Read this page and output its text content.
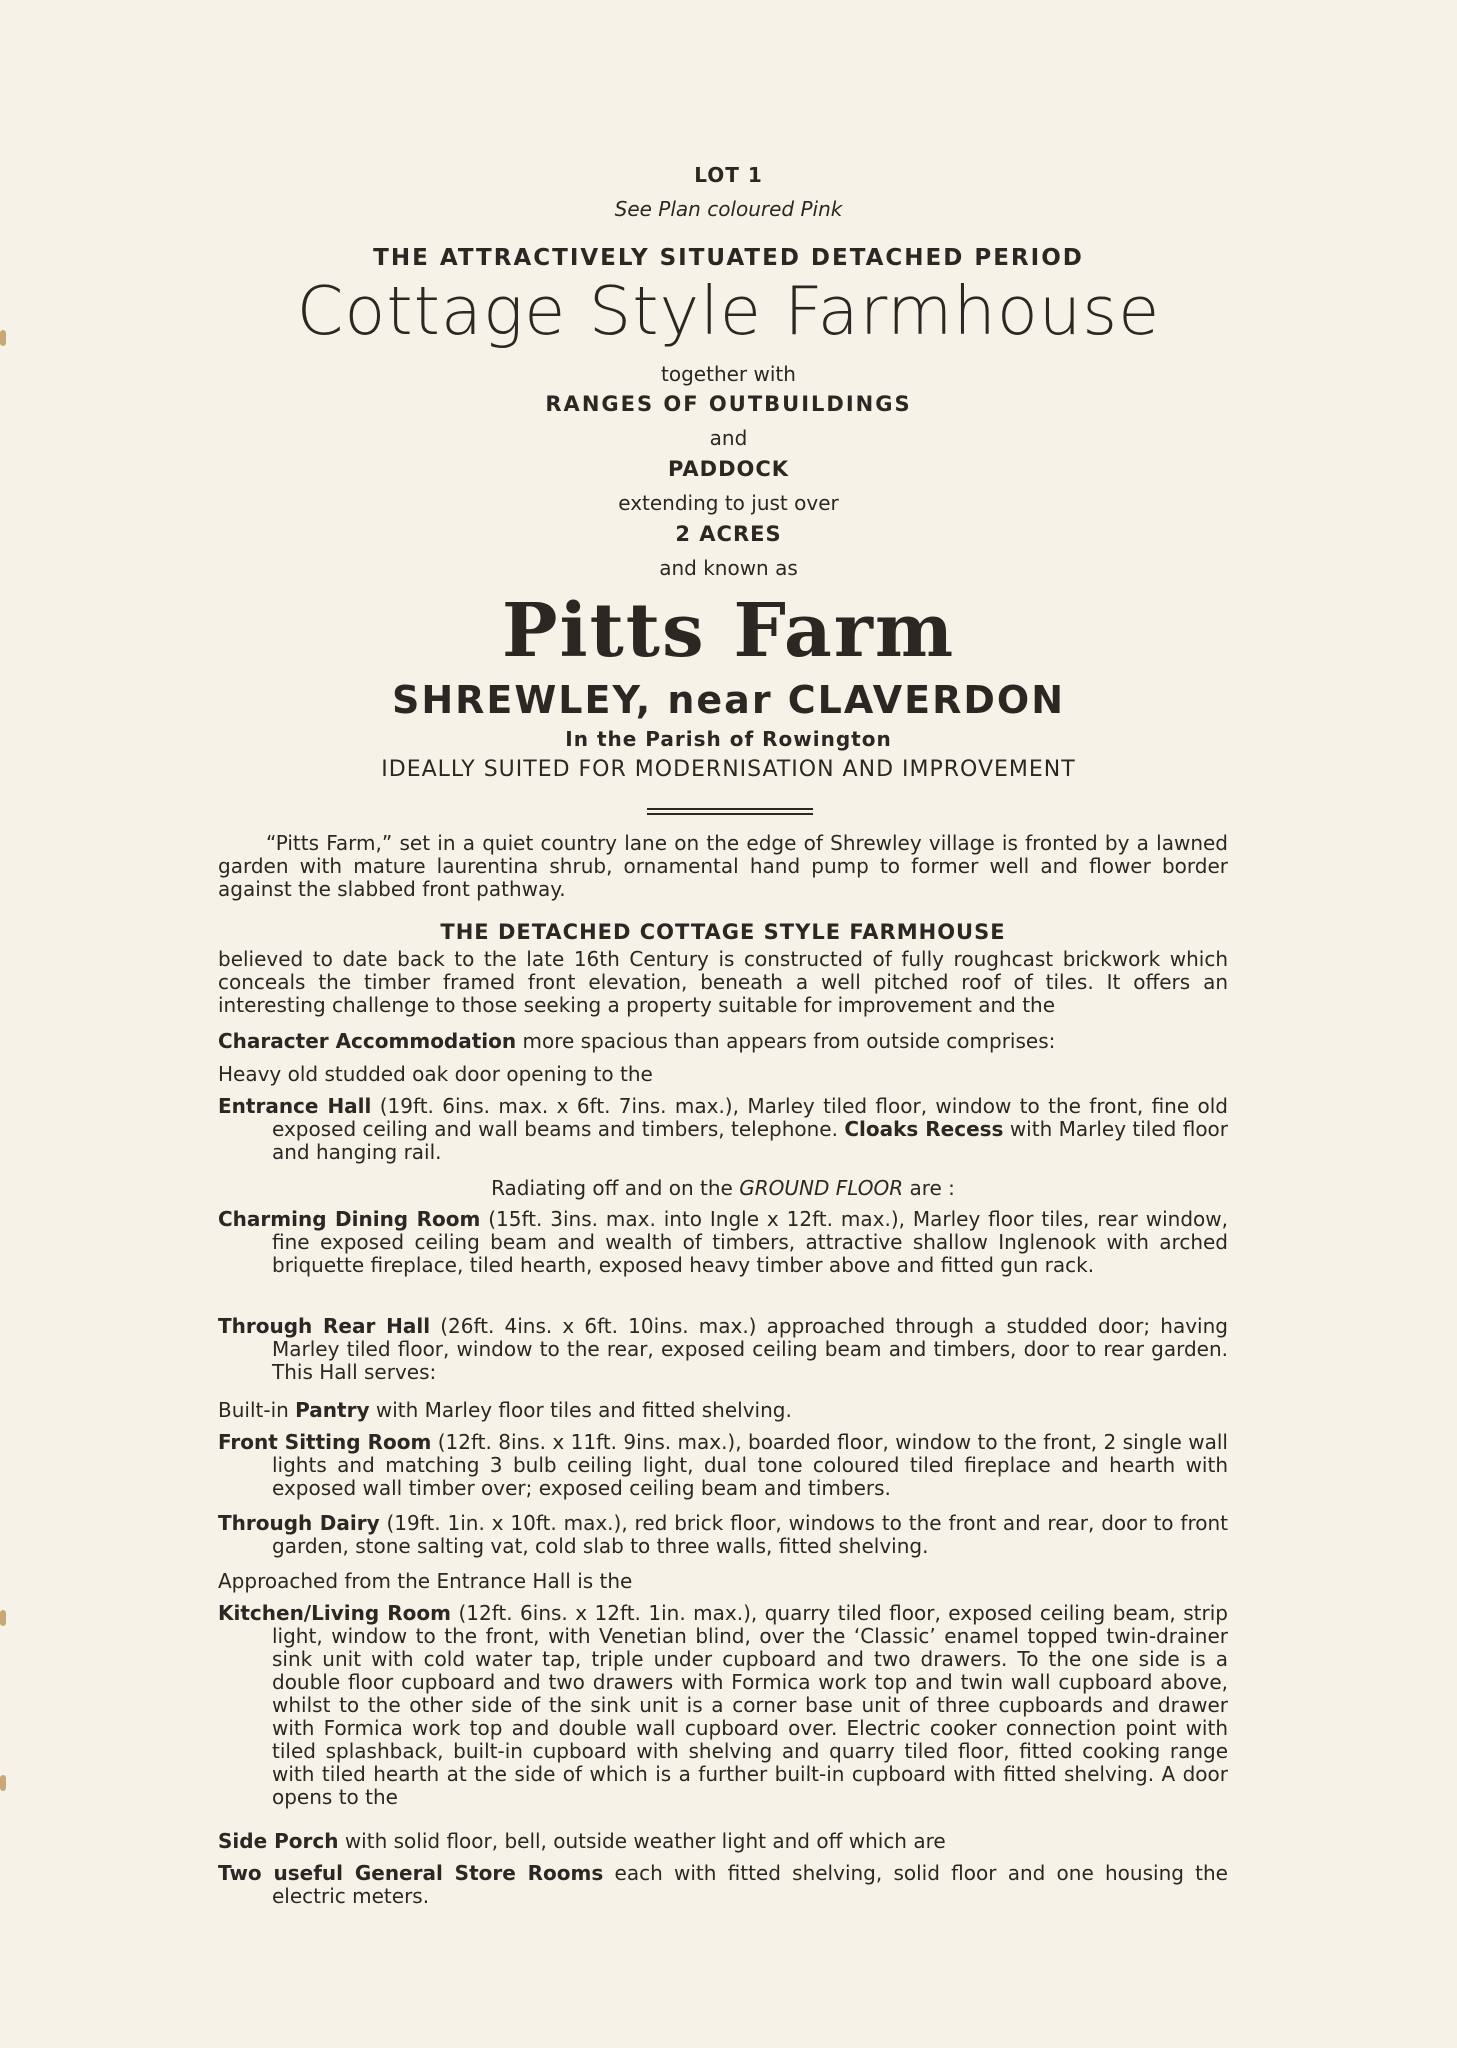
LOT 1
See Plan coloured Pink
THE ATTRACTIVELY SITUATED DETACHED PERIOD
Cottage Style Farmhouse
together with
RANGES OF OUTBUILDINGS
and
PADDOCK
extending to just over
2 ACRES
and known as
Pitts Farm
SHREWLEY, near CLAVERDON
In the Parish of Rowington
IDEALLY SUITED FOR MODERNISATION AND IMPROVEMENT

“Pitts Farm,” set in a quiet country lane on the edge of Shrewley village is fronted by a lawned garden with mature laurentina shrub, ornamental hand pump to former well and flower border against the slabbed front pathway.

THE DETACHED COTTAGE STYLE FARMHOUSE

believed to date back to the late 16th Century is constructed of fully roughcast brickwork which conceals the timber framed front elevation, beneath a well pitched roof of tiles. It offers an interesting challenge to those seeking a property suitable for improvement and the

Character Accommodation more spacious than appears from outside comprises:
Heavy old studded oak door opening to the
Entrance Hall (19ft. 6ins. max. x 6ft. 7ins. max.), Marley tiled floor, window to the front, fine old exposed ceiling and wall beams and timbers, telephone. Cloaks Recess with Marley tiled floor and hanging rail.
Radiating off and on the GROUND FLOOR are :
Charming Dining Room (15ft. 3ins. max. into Ingle x 12ft. max.), Marley floor tiles, rear window, fine exposed ceiling beam and wealth of timbers, attractive shallow Inglenook with arched briquette fireplace, tiled hearth, exposed heavy timber above and fitted gun rack.
Through Rear Hall (26ft. 4ins. x 6ft. 10ins. max.) approached through a studded door; having Marley tiled floor, window to the rear, exposed ceiling beam and timbers, door to rear garden. This Hall serves:
Built-in Pantry with Marley floor tiles and fitted shelving.
Front Sitting Room (12ft. 8ins. x 11ft. 9ins. max.), boarded floor, window to the front, 2 single wall lights and matching 3 bulb ceiling light, dual tone coloured tiled fireplace and hearth with exposed wall timber over; exposed ceiling beam and timbers.
Through Dairy (19ft. 1in. x 10ft. max.), red brick floor, windows to the front and rear, door to front garden, stone salting vat, cold slab to three walls, fitted shelving.
Approached from the Entrance Hall is the
Kitchen/Living Room (12ft. 6ins. x 12ft. 1in. max.), quarry tiled floor, exposed ceiling beam, strip light, window to the front, with Venetian blind, over the ‘Classic’ enamel topped twin-drainer sink unit with cold water tap, triple under cupboard and two drawers. To the one side is a double floor cupboard and two drawers with Formica work top and twin wall cupboard above, whilst to the other side of the sink unit is a corner base unit of three cupboards and drawer with Formica work top and double wall cupboard over. Electric cooker connection point with tiled splashback, built-in cupboard with shelving and quarry tiled floor, fitted cooking range with tiled hearth at the side of which is a further built-in cupboard with fitted shelving. A door opens to the
Side Porch with solid floor, bell, outside weather light and off which are
Two useful General Store Rooms each with fitted shelving, solid floor and one housing the electric meters.
